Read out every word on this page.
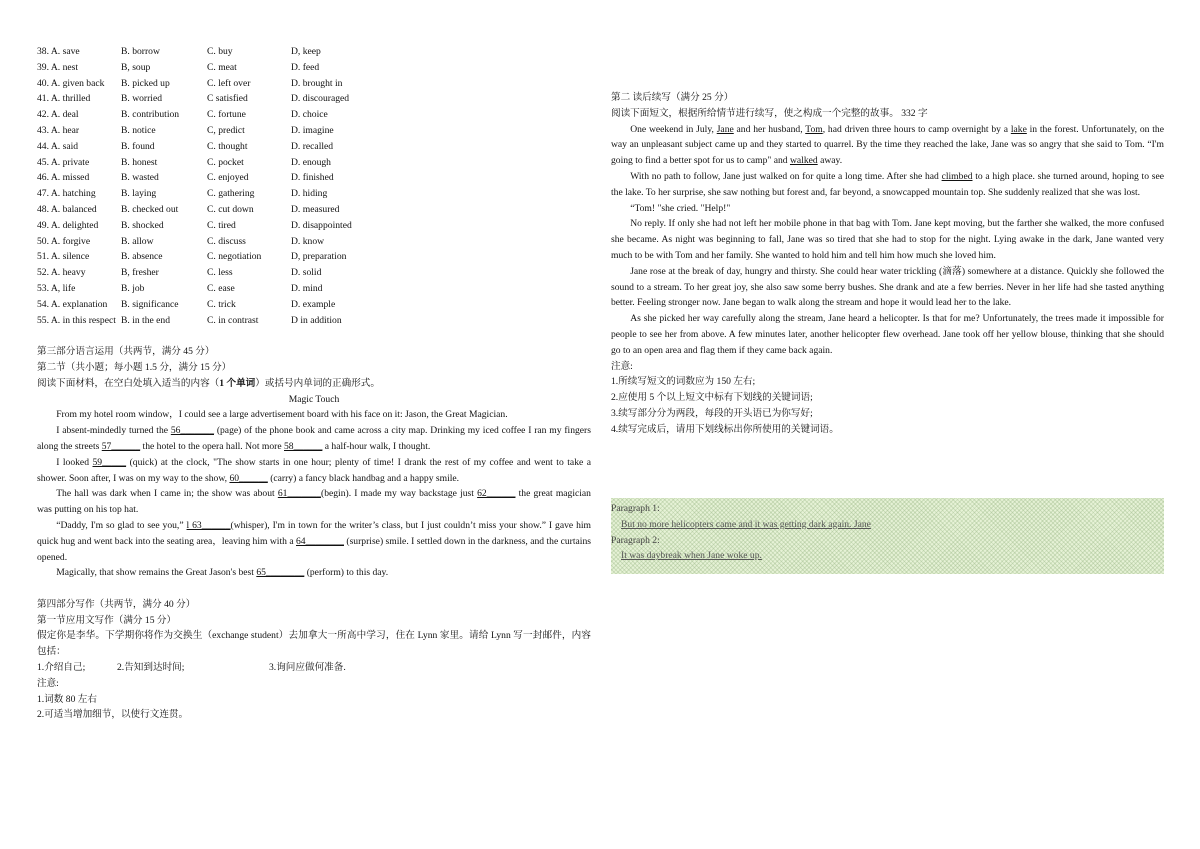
38. A. save	B. borrow	C. buy	D, keep
39. A. nest	B, soup	C. meat	D. feed
40. A. given back	B. picked up	C. left over	D. brought in
41. A. thrilled	B. worried	C satisfied	D. discouraged
42. A. deal	B. contribution	C. fortune	D. choice
43. A. hear	B. notice	C, predict	D. imagine
44. A. said	B. found	C. thought	D. recalled
45. A. private	B. honest	C. pocket	D. enough
46. A. missed	B. wasted	C. enjoyed	D. finished
47. A. hatching	B. laying	C. gathering	D. hiding
48. A. balanced	B. checked out	C. cut down	D. measured
49. A. delighted	B. shocked	C. tired	D. disappointed
50. A. forgive	B. allow	C. discuss	D. know
51. A. silence	B. absence	C. negotiation	D, preparation
52. A. heavy	B, fresher	C. less	D. solid
53. A, life	B. job	C. ease	D. mind
54. A. explanation	B. significance	C. trick	D. example
55. A. in this respect B. in the end	C. in contrast	D in addition

第三部分语言运用（共两节，满分 45 分）

第二节（共小题；每小题 1.5 分，满分 15 分）

阅读下面材料，在空白处填入适当的内容（1 个单词）或括号内单词的正确形式。

Magic Touch

From my hotel room window，I could see a large advertisement board with his face on it: Jason, the Great Magician.

I absent-mindedly turned the 56_______ (page) of the phone book and came across a city map. Drinking my iced coffee I ran my fingers along the streets 57______ the hotel to the opera hall. Not more 58______ a half-hour walk, I thought.

I looked 59_____ (quick) at the clock, "The show starts in one hour; plenty of time! I drank the rest of my coffee and went to take a shower. Soon after, I was on my way to the show, 60______ (carry) a fancy black handbag and a happy smile.

The hall was dark when I came in; the show was about 61_______(begin). I made my way backstage just 62______ the great magician was putting on his top hat.

“Daddy, I'm so glad to see you,” l 63______(whisper), I'm in town for the writer’s class, but I just couldn’t miss your show.” I gave him quick hug and went back into the seating area，leaving him with a 64________ (surprise) smile. I settled down in the darkness, and the curtains opened.

Magically, that show remains the Great Jason's best 65________ (perform) to this day.

第四部分写作（共两节，满分 40 分）

第一节应用文写作（满分 15 分）

假定你是李华。下学期你将作为交换生（exchange student）去加拿大一所高中学习，住在 Lynn 家里。请给 Lynn 写一封邮件，内容包括：

1.介绍自己;	2.告知到达时间;	3.询问应做何准备.

注意:

1.词数 80 左右

2.可适当增加细节，以使行文连贯。

第二 读后续写（满分 25 分）

阅读下面短文，根据所给情节进行续写，使之构成一个完整的故事。 332 字

One weekend in July, Jane and her husband, Tom, had driven three hours to camp overnight by a lake in the forest. Unfortunately, on the way an unpleasant subject came up and they started to quarrel. By the time they reached the lake, Jane was so angry that she said to Tom. “I'm going to find a better spot for us to camp" and walked away.

With no path to follow, Jane just walked on for quite a long time. After she had climbed to a high place. she turned around, hoping to see the lake. To her surprise, she saw nothing but forest and, far beyond, a snowcapped mountain top. She suddenly realized that she was lost.

“Tom! "she cried. "Help!"

No reply. If only she had not left her mobile phone in that bag with Tom. Jane kept moving, but the farther she walked, the more confused she became. As night was beginning to fall, Jane was so tired that she had to stop for the night. Lying awake in the dark, Jane wanted very much to be with Tom and her family. She wanted to hold him and tell him how much she loved him.

Jane rose at the break of day, hungry and thirsty. She could hear water trickling (滴落) somewhere at a distance. Quickly she followed the sound to a stream. To her great joy, she also saw some berry bushes. She drank and ate a few berries. Never in her life had she tasted anything better. Feeling stronger now. Jane began to walk along the stream and hope it would lead her to the lake.

As she picked her way carefully along the stream, Jane heard a helicopter. Is that for me? Unfortunately, the trees made it impossible for people to see her from above. A few minutes later, another helicopter flew overhead. Jane took off her yellow blouse, thinking that she should go to an open area and flag them if they came back again.

注意:

1.所续写短文的词数应为 150 左右;

2.应使用 5 个以上短文中标有下划线的关键词语;

3.续写部分分为两段，每段的开头语已为你写好;

4.续写完成后，请用下划线标出你所使用的关键词语。

Paragraph 1:

But no more helicopters came and it was getting dark again. Jane

Paragraph 2:

It was daybreak when Jane woke up.
